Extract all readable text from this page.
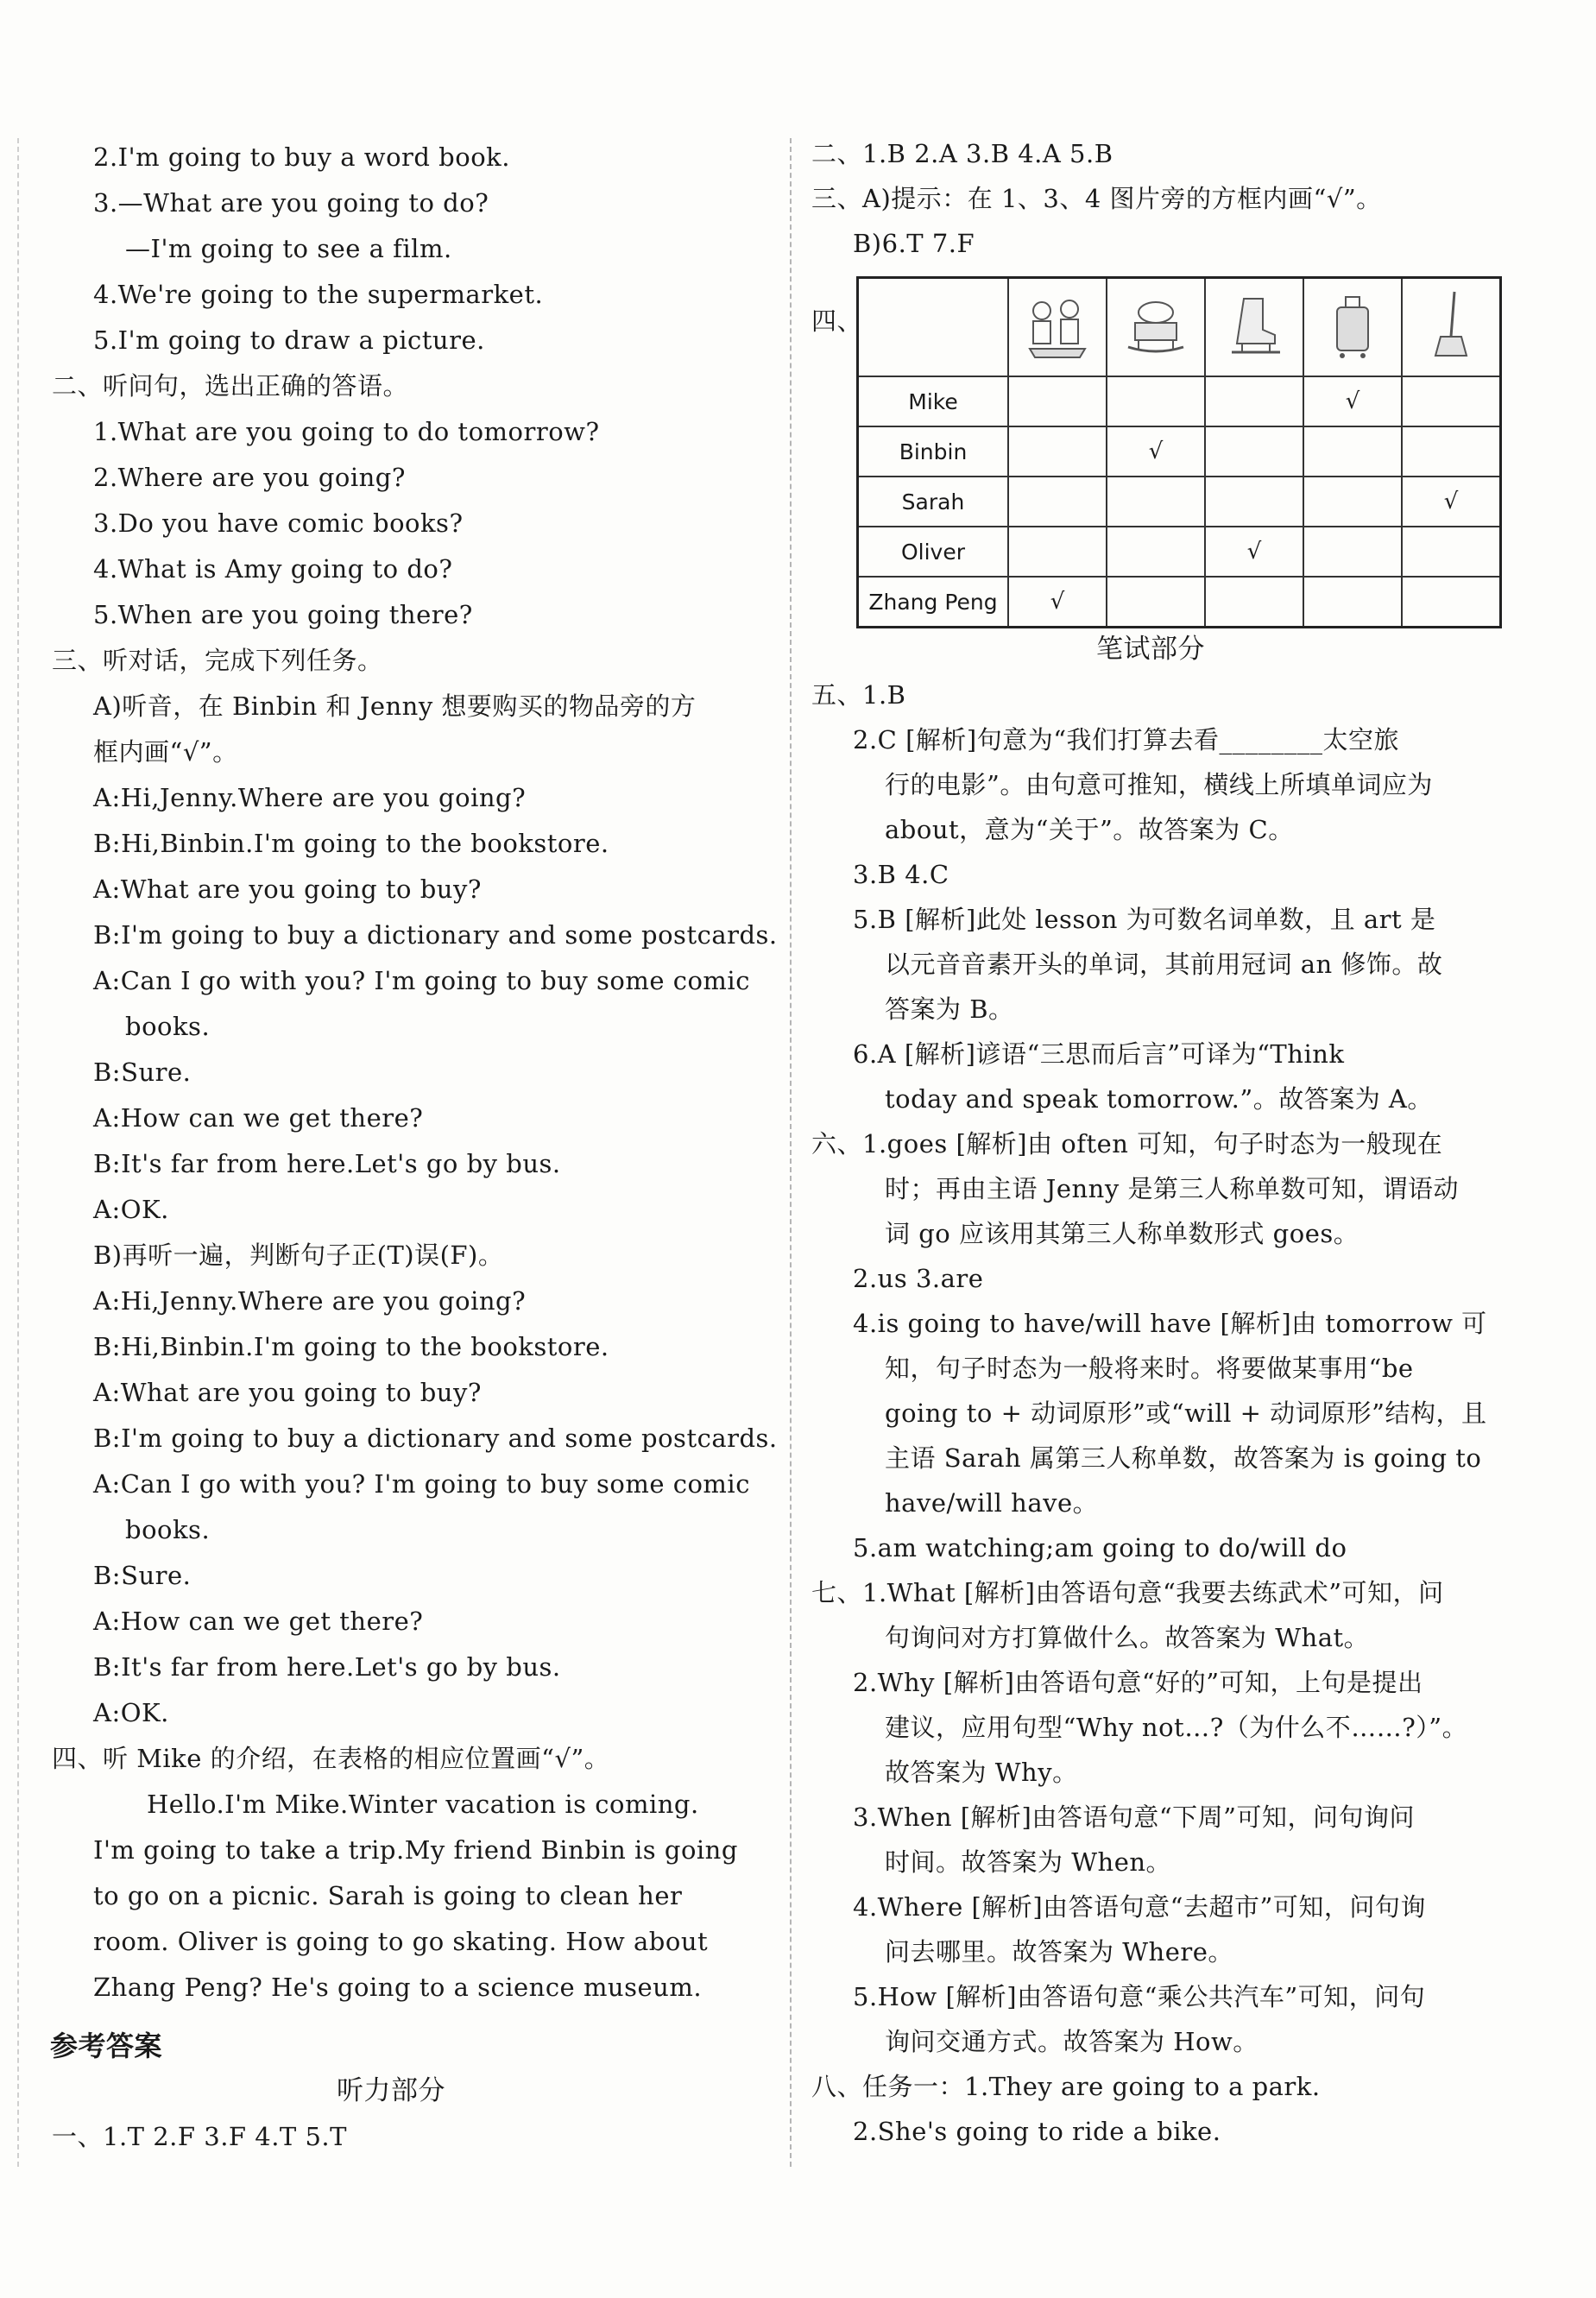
2.I'm going to buy a word book.
3.—What are you going to do?
—I'm going to see a film.
4.We're going to the supermarket.
5.I'm going to draw a picture.
二、听问句，选出正确的答语。
1.What are you going to do tomorrow?
2.Where are you going?
3.Do you have comic books?
4.What is Amy going to do?
5.When are you going there?
三、听对话，完成下列任务。
A)听音，在 Binbin 和 Jenny 想要购买的物品旁的方
框内画“√”。
A:Hi,Jenny.Where are you going?
B:Hi,Binbin.I'm going to the bookstore.
A:What are you going to buy?
B:I'm going to buy a dictionary and some postcards.
A:Can I go with you? I'm going to buy some comic
books.
B:Sure.
A:How can we get there?
B:It's far from here.Let's go by bus.
A:OK.
B)再听一遍，判断句子正(T)误(F)。
A:Hi,Jenny.Where are you going?
B:Hi,Binbin.I'm going to the bookstore.
A:What are you going to buy?
B:I'm going to buy a dictionary and some postcards.
A:Can I go with you? I'm going to buy some comic
books.
B:Sure.
A:How can we get there?
B:It's far from here.Let's go by bus.
A:OK.
四、听 Mike 的介绍，在表格的相应位置画“√”。
Hello.I'm Mike.Winter vacation is coming.
I'm going to take a trip.My friend Binbin is going
to go on a picnic. Sarah is going to clean her
room. Oliver is going to go skating. How about
Zhang Peng? He's going to a science museum.
参考答案
听力部分
一、1.T 2.F 3.F 4.T 5.T
四、

Mike				√	
Binbin		√			
Sarah					√
Oliver			√		
Zhang Peng	√				
二、1.B 2.A 3.B 4.A 5.B
三、A)提示：在 1、3、4 图片旁的方框内画“√”。
B)6.T 7.F
笔试部分
五、1.B
2.C [解析]句意为“我们打算去看________太空旅
行的电影”。由句意可推知，横线上所填单词应为
about，意为“关于”。故答案为 C。
3.B 4.C
5.B [解析]此处 lesson 为可数名词单数，且 art 是
以元音音素开头的单词，其前用冠词 an 修饰。故
答案为 B。
6.A [解析]谚语“三思而后言”可译为“Think
today and speak tomorrow.”。故答案为 A。
六、1.goes [解析]由 often 可知，句子时态为一般现在
时；再由主语 Jenny 是第三人称单数可知，谓语动
词 go 应该用其第三人称单数形式 goes。
2.us 3.are
4.is going to have/will have [解析]由 tomorrow 可
知，句子时态为一般将来时。将要做某事用“be
going to + 动词原形”或“will + 动词原形”结构，且
主语 Sarah 属第三人称单数，故答案为 is going to
have/will have。
5.am watching;am going to do/will do
七、1.What [解析]由答语句意“我要去练武术”可知，问
句询问对方打算做什么。故答案为 What。
2.Why [解析]由答语句意“好的”可知，上句是提出
建议，应用句型“Why not…?（为什么不……?）”。
故答案为 Why。
3.When [解析]由答语句意“下周”可知，问句询问
时间。故答案为 When。
4.Where [解析]由答语句意“去超市”可知，问句询
问去哪里。故答案为 Where。
5.How [解析]由答语句意“乘公共汽车”可知，问句
询问交通方式。故答案为 How。
八、任务一：1.They are going to a park.
2.She's going to ride a bike.
